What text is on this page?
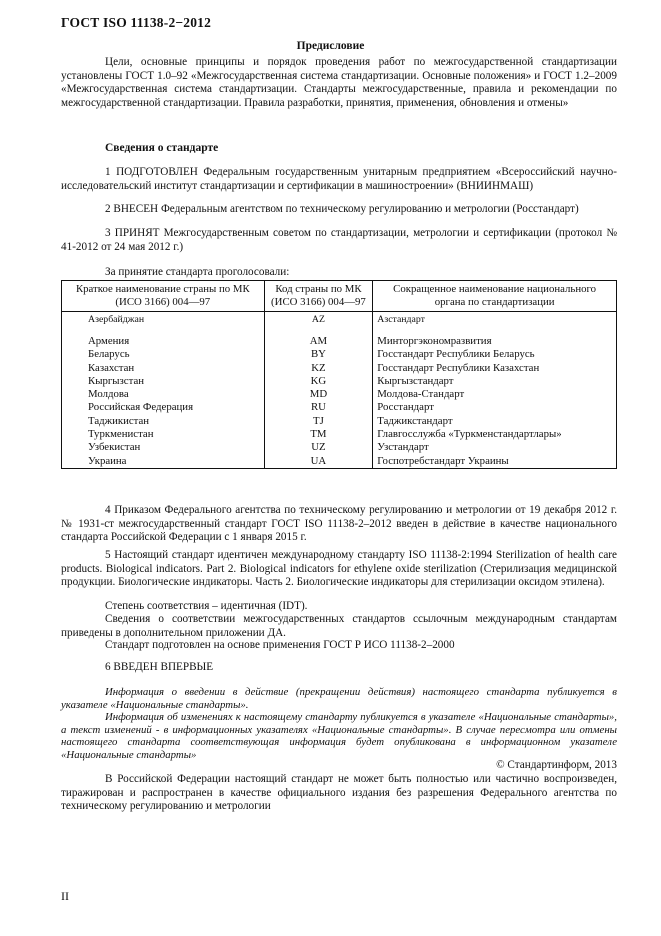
ГОСТ ISO 11138-2−2012
Предисловие

Цели, основные принципы и порядок проведения работ по межгосударственной стандартизации установлены ГОСТ 1.0–92 «Межгосударственная система стандартизации. Основные положения» и ГОСТ 1.2–2009 «Межгосударственная система стандартизации. Стандарты межгосударственные, правила и рекомендации по межгосударственной стандартизации. Правила разработки, принятия, применения, обновления и отмены»

Сведения о стандарте

1 ПОДГОТОВЛЕН Федеральным государственным унитарным предприятием «Всероссийский научно-исследовательский институт стандартизации и сертификации в машиностроении» (ВНИИНМАШ)

2 ВНЕСЕН Федеральным агентством по техническому регулированию и метрологии (Росстандарт)

3 ПРИНЯТ Межгосударственным советом по стандартизации, метрологии и сертификации (протокол № 41-2012 от 24 мая 2012 г.)

За принятие стандарта проголосовали:
Краткое наименование страны по МК (ИСО 3166) 004—97	Код страны по МК (ИСО 3166) 004—97	Сокращенное наименование национального органа по стандартизации
Азербайджан	AZ	Азстандарт

Армения	AM	Минторгэкономразвития
Беларусь	BY	Госстандарт Республики Беларусь
Казахстан	KZ	Госстандарт Республики Казахстан
Кыргызстан	KG	Кыргызстандарт
Молдова	MD	Молдова-Стандарт
Российская Федерация	RU	Росстандарт
Таджикистан	TJ	Таджикстандарт
Туркменистан	TM	Главгосслужба «Туркменстандартлары»
Узбекистан	UZ	Узстандарт
Украина	UA	Госпотребстандарт Украины

4 Приказом Федерального агентства по техническому регулированию и метрологии от 19 декабря 2012 г. № 1931-ст межгосударственный стандарт ГОСТ ISO 11138-2–2012 введен в действие в качестве национального стандарта Российской Федерации с 1 января 2015 г.

5 Настоящий стандарт идентичен международному стандарту ISO 11138-2:1994 Sterilization of health care products. Biological indicators. Part 2. Biological indicators for ethylene oxide sterilization (Стерилизация медицинской продукции. Биологические индикаторы. Часть 2. Биологические индикаторы для стерилизации оксидом этилена).

Степень соответствия – идентичная (IDT).

Сведения о соответствии межгосударственных стандартов ссылочным международным стандартам приведены в дополнительном приложении ДА.

Стандарт подготовлен на основе применения ГОСТ Р ИСО 11138-2–2000

6 ВВЕДЕН ВПЕРВЫЕ

Информация о введении в действие (прекращении действия) настоящего стандарта публикуется в указателе «Национальные стандарты».

Информация об изменениях к настоящему стандарту публикуется в указателе «Национальные стандарты», а текст изменений - в информационных указателях «Национальные стандарты». В случае пересмотра или отмены настоящего стандарта соответствующая информация будет опубликована в информационном указателе «Национальные стандарты»

© Стандартинформ, 2013

В Российской Федерации настоящий стандарт не может быть полностью или частично воспроизведен, тиражирован и распространен в качестве официального издания без разрешения Федерального агентства по техническому регулированию и метрологии

II
